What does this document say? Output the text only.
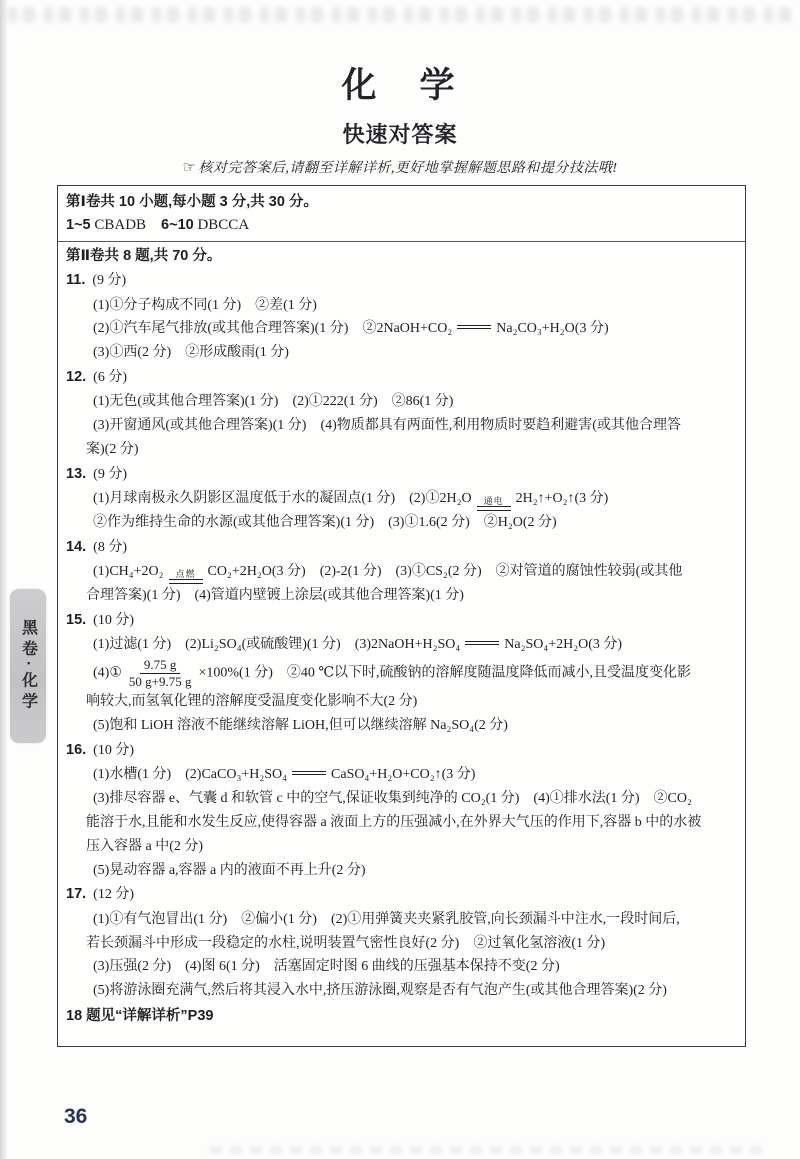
化　学
快速对答案
☞ 核对完答案后,请翻至详解详析,更好地掌握解题思路和提分技法哦!
第Ⅰ卷共 10 小题,每小题 3 分,共 30 分。
1~5 CBADB　6~10 DBCCA
第Ⅱ卷共 8 题,共 70 分。
11. (9 分)
(1)①分子构成不同(1 分)　②差(1 分)
(2)①汽车尾气排放(或其他合理答案)(1 分)　②2NaOH+CO₂	Na₂CO₃+H₂O(3 分)
(3)①西(2 分)　②形成酸雨(1 分)
12. (6 分)
(1)无色(或其他合理答案)(1 分)　(2)①222(1 分)　②86(1 分)
(3)开窗通风(或其他合理答案)(1 分)　(4)物质都具有两面性,利用物质时要趋利避害(或其他合理答
案)(2 分)
13. (9 分)
(1)月球南极永久阴影区温度低于水的凝固点(1 分)　(2)①2H₂O 通电 2H₂↑+O₂↑(3 分)
②作为维持生命的水源(或其他合理答案)(1 分)　(3)①1.6(2 分)　②H₂O(2 分)
14. (8 分)
(1)CH₄+2O₂ 点燃 CO₂+2H₂O(3 分)　(2)-2(1 分)　(3)①CS₂(2 分)　②对管道的腐蚀性较弱(或其他
合理答案)(1 分)　(4)管道内壁镀上涂层(或其他合理答案)(1 分)
15. (10 分)
(1)过滤(1 分)　(2)Li₂SO₄(或硫酸锂)(1 分)　(3)2NaOH+H₂SO₄	Na₂SO₄+2H₂O(3 分)
(4)① $\frac{9.75 g}{50 g+9.75 g} \times 100\%(1$ 分)　②40 ℃以下时,硫酸钠的溶解度随温度降低而减小,且受温度变化影
响较大,而氢氧化锂的溶解度受温度变化影响不大(2 分)
(5)饱和 LiOH 溶液不能继续溶解 LiOH,但可以继续溶解 Na₂SO₄(2 分)
16. (10 分)
(1)水槽(1 分)　(2)CaCO₃+H₂SO₄	CaSO₄+H₂O+CO₂↑(3 分)
(3)排尽容器 e、气囊 d 和软管 c 中的空气,保证收集到纯净的 CO₂(1 分)　(4)①排水法(1 分)　②CO₂
能溶于水,且能和水发生反应,使得容器 a 液面上方的压强减小,在外界大气压的作用下,容器 b 中的水被
压入容器 a 中(2 分)
(5)晃动容器 a,容器 a 内的液面不再上升(2 分)
17. (12 分)
(1)①有气泡冒出(1 分)　②偏小(1 分)　(2)①用弹簧夹夹紧乳胶管,向长颈漏斗中注水,一段时间后,
若长颈漏斗中形成一段稳定的水柱,说明装置气密性良好(2 分)　②过氧化氢溶液(1 分)
(3)压强(2 分)　(4)图 6(1 分)　活塞固定时图 6 曲线的压强基本保持不变(2 分)
(5)将游泳圈充满气,然后将其浸入水中,挤压游泳圈,观察是否有气泡产生(或其他合理答案)(2 分)
18 题见“详解详析”P39
黑卷·化学
36
